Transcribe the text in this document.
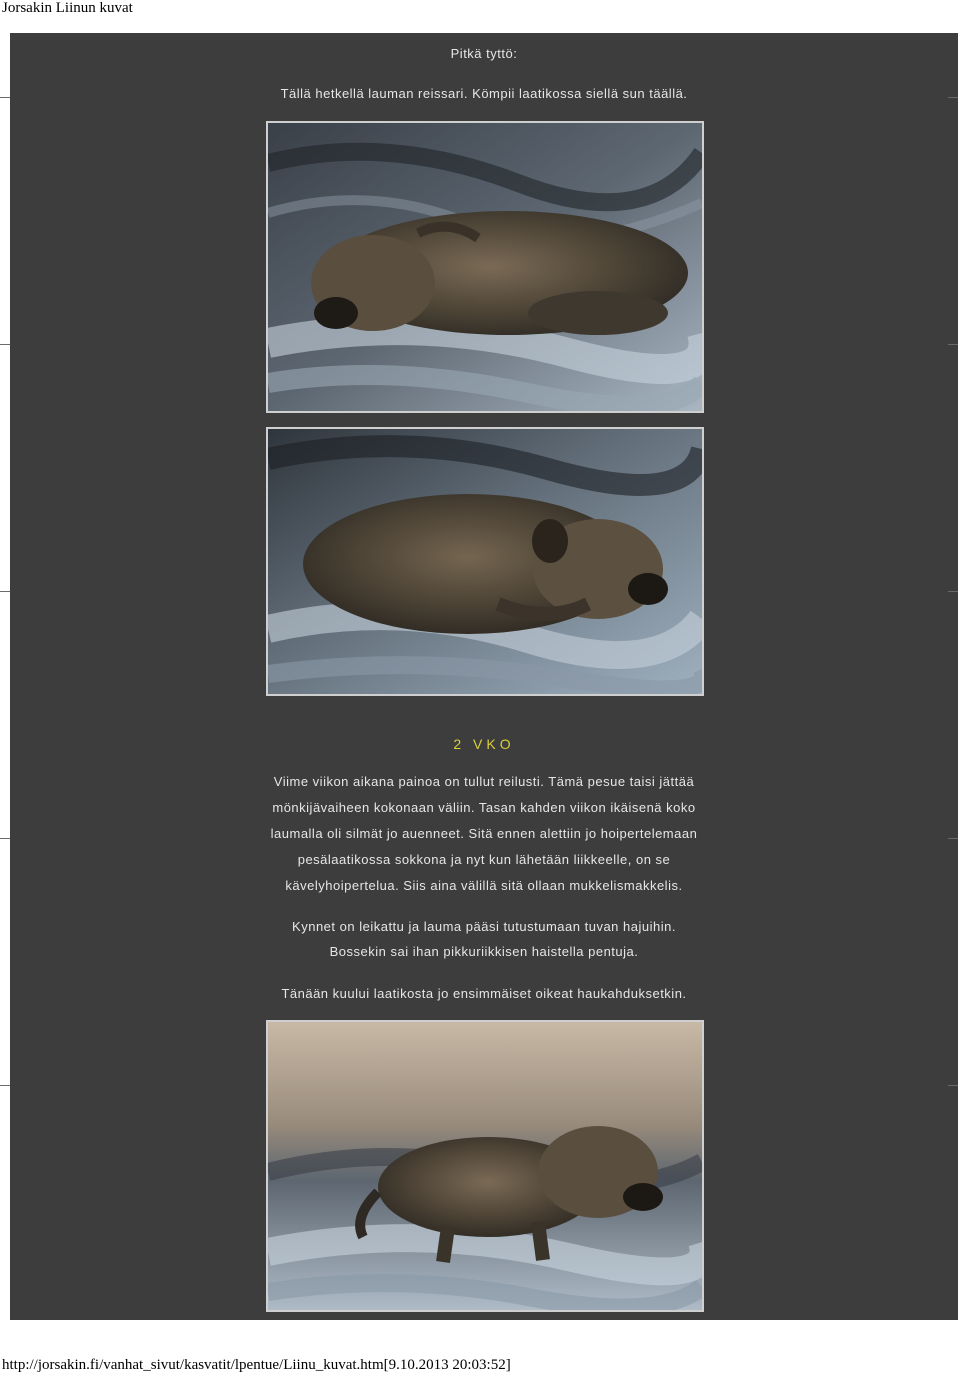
Jorsakin Liinun kuvat
Pitkä tyttö:
Tällä hetkellä lauman reissari. Kömpii laatikossa siellä sun täällä.
2 VKO
Viime viikon aikana painoa on tullut reilusti. Tämä pesue taisi jättää
mönkijävaiheen kokonaan väliin. Tasan kahden viikon ikäisenä koko
laumalla oli silmät jo auenneet. Sitä ennen alettiin jo hoipertelemaan
pesälaatikossa sokkona ja nyt kun lähetään liikkeelle, on se
kävelyhoipertelua. Siis aina välillä sitä ollaan mukkelismakkelis.
Kynnet on leikattu ja lauma pääsi tutustumaan tuvan hajuihin.
Bossekin sai ihan pikkuriikkisen haistella pentuja.
Tänään kuului laatikosta jo ensimmäiset oikeat haukahduksetkin.
http://jorsakin.fi/vanhat_sivut/kasvatit/lpentue/Liinu_kuvat.htm[9.10.2013 20:03:52]
